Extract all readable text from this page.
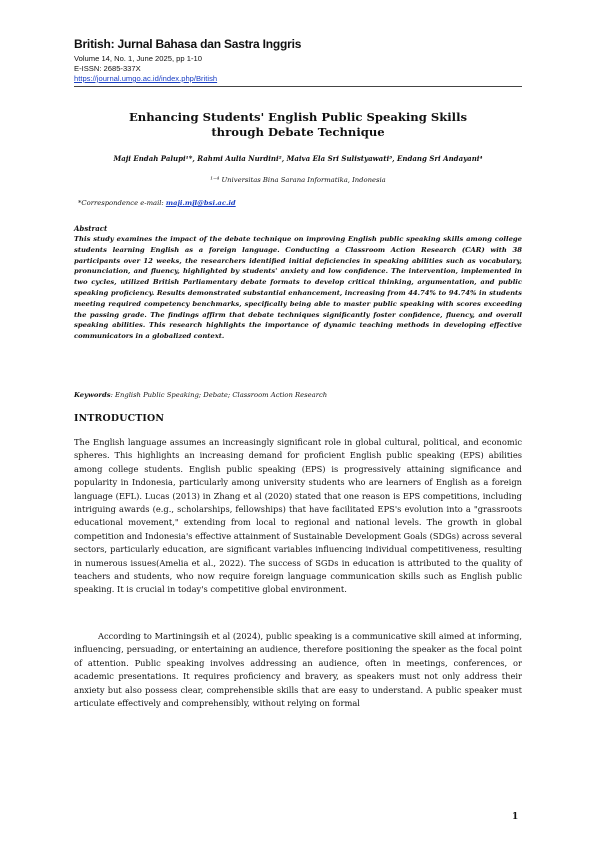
British: Jurnal Bahasa dan Sastra Inggris
Volume 14, No. 1, June 2025, pp 1-10
E-ISSN: 2685-337X
https://journal.umgo.ac.id/index.php/British
Enhancing Students' English Public Speaking Skills
through Debate Technique
Maji Endah Palupi¹*, Rahmi Aulia Nurdini², Maiva Ela Sri Sulistyawati³, Endang Sri Andayani⁴
¹⁻⁴ Universitas Bina Sarana Informatika, Indonesia
*Correspondence e-mail: maji.mjl@bsi.ac.id
Abstract
This study examines the impact of the debate technique on improving English public speaking skills among college students learning English as a foreign language. Conducting a Classroom Action Research (CAR) with 38 participants over 12 weeks, the researchers identified initial deficiencies in speaking abilities such as vocabulary, pronunciation, and fluency, highlighted by students' anxiety and low confidence. The intervention, implemented in two cycles, utilized British Parliamentary debate formats to develop critical thinking, argumentation, and public speaking proficiency. Results demonstrated substantial enhancement, increasing from 44.74% to 94.74% in students meeting required competency benchmarks, specifically being able to master public speaking with scores exceeding the passing grade. The findings affirm that debate techniques significantly foster confidence, fluency, and overall speaking abilities. This research highlights the importance of dynamic teaching methods in developing effective communicators in a globalized context.
Keywords: English Public Speaking; Debate; Classroom Action Research
INTRODUCTION
The English language assumes an increasingly significant role in global cultural, political, and economic spheres. This highlights an increasing demand for proficient English public speaking (EPS) abilities among college students. English public speaking (EPS) is progressively attaining significance and popularity in Indonesia, particularly among university students who are learners of English as a foreign language (EFL). Lucas (2013) in Zhang et al (2020) stated that one reason is EPS competitions, including intriguing awards (e.g., scholarships, fellowships) that have facilitated EPS's evolution into a "grassroots educational movement," extending from local to regional and national levels. The growth in global competition and Indonesia's effective attainment of Sustainable Development Goals (SDGs) across several sectors, particularly education, are significant variables influencing individual competitiveness, resulting in numerous issues(Amelia et al., 2022). The success of SGDs in education is attributed to the quality of teachers and students, who now require foreign language communication skills such as English public speaking. It is crucial in today's competitive global environment.
According to Martiningsih et al (2024), public speaking is a communicative skill aimed at informing, influencing, persuading, or entertaining an audience, therefore positioning the speaker as the focal point of attention. Public speaking involves addressing an audience, often in meetings, conferences, or academic presentations. It requires proficiency and bravery, as speakers must not only address their anxiety but also possess clear, comprehensible skills that are easy to understand. A public speaker must articulate effectively and comprehensibly, without relying on formal
1
